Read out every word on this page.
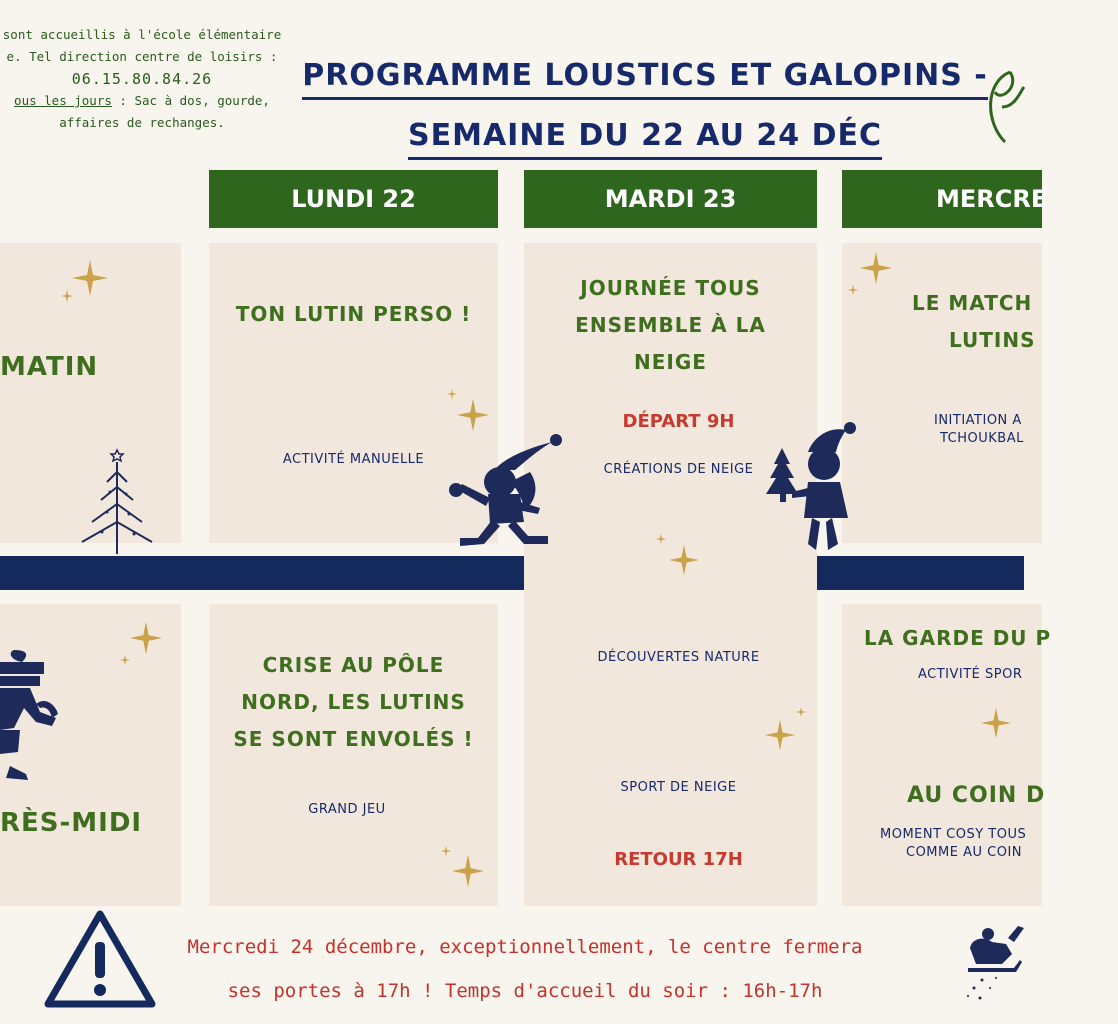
sont accueillis à l'école élémentaire
e. Tel direction centre de loisirs :
06.15.80.84.26
ous les jours : Sac à dos, gourde,
affaires de rechanges.
PROGRAMME LOUSTICS ET GALOPINS -
SEMAINE DU 22 AU 24 DÉC
LUNDI 22	MARDI 23	MERCRE
MATIN
RÈS-MIDI
TON LUTIN PERSO !
ACTIVITÉ MANUELLE
CRISE AU PÔLE
NORD, LES LUTINS
SE SONT ENVOLÉS !
GRAND JEU
JOURNÉE TOUS
ENSEMBLE À LA
NEIGE
DÉPART 9H
CRÉATIONS DE NEIGE
DÉCOUVERTES NATURE
SPORT DE NEIGE
RETOUR 17H
LE MATCH
LUTINS
INITIATION A
TCHOUKBAL
LA GARDE DU P
ACTIVITÉ SPOR
AU COIN D
MOMENT COSY TOUS
COMME AU COIN
Mercredi 24 décembre, exceptionnellement, le centre fermera
ses portes à 17h ! Temps d'accueil du soir : 16h-17h
